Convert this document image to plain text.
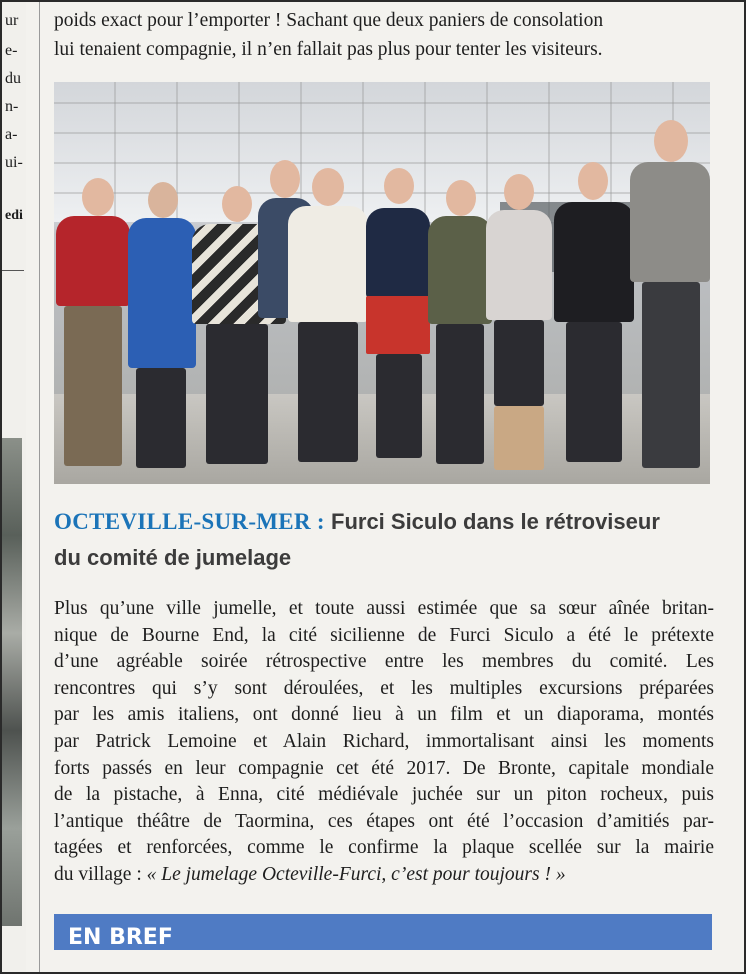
ur
e-
du
n-
a-
ui-
edi
poids exact pour l’emporter ! Sachant que deux paniers de consolation
lui tenaient compagnie, il n’en fallait pas plus pour tenter les visiteurs.
OCTEVILLE-SUR-MER : Furci Siculo dans le rétroviseur
du comité de jumelage
Plus qu’une ville jumelle, et toute aussi estimée que sa sœur aînée britan-
nique de Bourne End, la cité sicilienne de Furci Siculo a été le prétexte
d’une agréable soirée rétrospective entre les membres du comité. Les
rencontres qui s’y sont déroulées, et les multiples excursions préparées
par les amis italiens, ont donné lieu à un film et un diaporama, montés
par Patrick Lemoine et Alain Richard, immortalisant ainsi les moments
forts passés en leur compagnie cet été 2017. De Bronte, capitale mondiale
de la pistache, à Enna, cité médiévale juchée sur un piton rocheux, puis
l’antique théâtre de Taormina, ces étapes ont été l’occasion d’amitiés par-
tagées et renforcées, comme le confirme la plaque scellée sur la mairie
du village : « Le jumelage Octeville-Furci, c’est pour toujours ! »
EN BREF
